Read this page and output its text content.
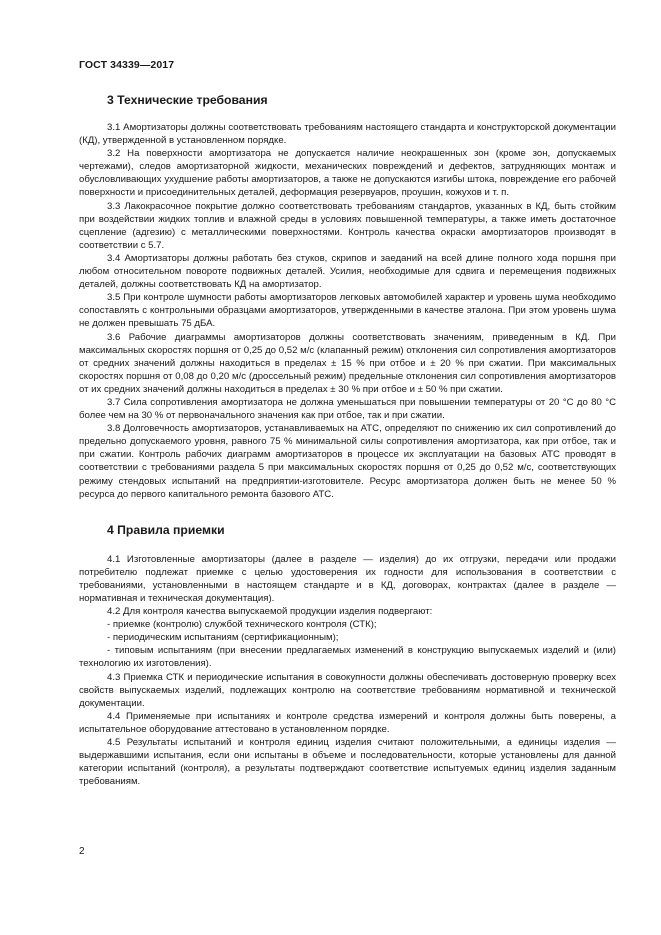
ГОСТ 34339—2017
3 Технические требования

3.1 Амортизаторы должны соответствовать требованиям настоящего стандарта и конструкторской документации (КД), утвержденной в установленном порядке.

3.2 На поверхности амортизатора не допускается наличие неокрашенных зон (кроме зон, допускаемых чертежами), следов амортизаторной жидкости, механических повреждений и дефектов, затрудняющих монтаж и обусловливающих ухудшение работы амортизаторов, а также не допускаются изгибы штока, повреждение его рабочей поверхности и присоединительных деталей, деформация резервуаров, проушин, кожухов и т. п.

3.3 Лакокрасочное покрытие должно соответствовать требованиям стандартов, указанных в КД, быть стойким при воздействии жидких топлив и влажной среды в условиях повышенной температуры, а также иметь достаточное сцепление (адгезию) с металлическими поверхностями. Контроль качества окраски амортизаторов производят в соответствии с 5.7.

3.4 Амортизаторы должны работать без стуков, скрипов и заеданий на всей длине полного хода поршня при любом относительном повороте подвижных деталей. Усилия, необходимые для сдвига и перемещения подвижных деталей, должны соответствовать КД на амортизатор.

3.5 При контроле шумности работы амортизаторов легковых автомобилей характер и уровень шума необходимо сопоставлять с контрольными образцами амортизаторов, утвержденными в качестве эталона. При этом уровень шума не должен превышать 75 дБА.

3.6 Рабочие диаграммы амортизаторов должны соответствовать значениям, приведенным в КД. При максимальных скоростях поршня от 0,25 до 0,52 м/с (клапанный режим) отклонения сил сопротивления амортизаторов от средних значений должны находиться в пределах ± 15 % при отбое и ± 20 % при сжатии. При максимальных скоростях поршня от 0,08 до 0,20 м/с (дроссельный режим) предельные отклонения сил сопротивления амортизаторов от их средних значений должны находиться в пределах ± 30 % при отбое и ± 50 % при сжатии.

3.7 Сила сопротивления амортизатора не должна уменьшаться при повышении температуры от 20 °С до 80 °С более чем на 30 % от первоначального значения как при отбое, так и при сжатии.

3.8 Долговечность амортизаторов, устанавливаемых на АТС, определяют по снижению их сил сопротивлений до предельно допускаемого уровня, равного 75 % минимальной силы сопротивления амортизатора, как при отбое, так и при сжатии. Контроль рабочих диаграмм амортизаторов в процессе их эксплуатации на базовых АТС проводят в соответствии с требованиями раздела 5 при максимальных скоростях поршня от 0,25 до 0,52 м/с, соответствующих режиму стендовых испытаний на предприятии-изготовителе. Ресурс амортизатора должен быть не менее 50 % ресурса до первого капитального ремонта базового АТС.

4 Правила приемки

4.1 Изготовленные амортизаторы (далее в разделе — изделия) до их отгрузки, передачи или продажи потребителю подлежат приемке с целью удостоверения их годности для использования в соответствии с требованиями, установленными в настоящем стандарте и в КД, договорах, контрактах (далее в разделе — нормативная и техническая документация).

4.2 Для контроля качества выпускаемой продукции изделия подвергают:

- приемке (контролю) службой технического контроля (СТК);

- периодическим испытаниям (сертификационным);

- типовым испытаниям (при внесении предлагаемых изменений в конструкцию выпускаемых изделий и (или) технологию их изготовления).

4.3 Приемка СТК и периодические испытания в совокупности должны обеспечивать достоверную проверку всех свойств выпускаемых изделий, подлежащих контролю на соответствие требованиям нормативной и технической документации.

4.4 Применяемые при испытаниях и контроле средства измерений и контроля должны быть поверены, а испытательное оборудование аттестовано в установленном порядке.

4.5 Результаты испытаний и контроля единиц изделия считают положительными, а единицы изделия — выдержавшими испытания, если они испытаны в объеме и последовательности, которые установлены для данной категории испытаний (контроля), а результаты подтверждают соответствие испытуемых единиц изделия заданным требованиям.

2
